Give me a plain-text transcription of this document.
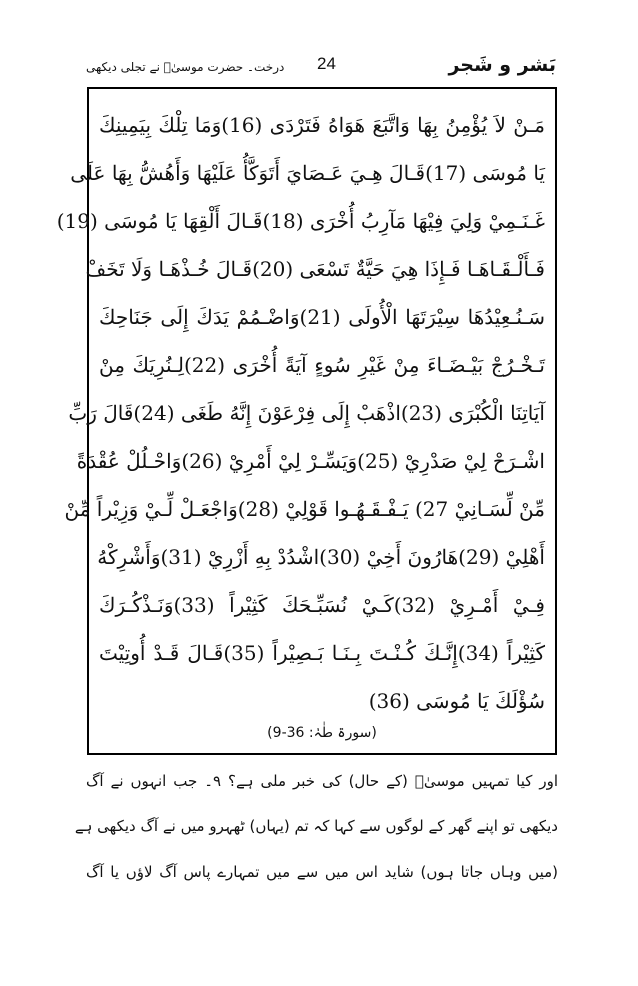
بَشر و شَجر
24
درخت۔ حضرت موسیٰؑ نے تجلی دیکھی
مَـنْ لاَ يُؤْمِنُ بِهَا وَاتَّبَعَ هَوَاهُ فَتَرْدَى (16)وَمَا تِلْكَ بِيَمِينِكَ
يَا مُوسَى (17)قَـالَ هِـيَ عَـصَايَ أَتَوَكَّأُ عَلَيْهَا وَأَهُشُّ بِهَا عَلَى
غَـنَـمِيْ وَلِيَ فِيْهَا مَآرِبُ أُخْرَى (18)قَـالَ أَلْقِهَا يَا مُوسَى (19)
فَـأَلْـقَـاهَـا فَـإِذَا هِيَ حَيَّةٌ تَسْعَى (20)قَـالَ خُـذْهَـا وَلَا تَخَفْ
سَـنُـعِيْدُهَا سِيْرَتَهَا الْأُولَى (21)وَاضْـمُمْ يَدَكَ إِلَى جَنَاحِكَ
تَـخْـرُجْ بَيْـضَـاءَ مِنْ غَيْرِ سُوءٍ آيَةً أُخْرَى (22)لِـنُرِيَكَ مِنْ
آيَاتِنَا الْكُبْرَى (23)اذْهَبْ إِلَى فِرْعَوْنَ إِنَّهُ طَغَى (24)قَالَ رَبِّ
اشْـرَحْ لِيْ صَدْرِيْ (25)وَيَسِّـرْ لِيْ أَمْرِيْ (26)وَاحْـلُلْ عُقْدَةً
مِّنْ لِّسَـانِيْ 27) يَـفْـقَـهُـوا قَوْلِيْ (28)وَاجْعَـلْ لِّـيْ وَزِيْراً مِّنْ
أَهْلِيْ (29)هَارُونَ أَخِيْ (30)اشْدُدْ بِهِ أَزْرِيْ (31)وَأَشْرِكْهُ
فِـيْ أَمْـرِيْ (32)كَـيْ نُسَبِّـحَكَ كَثِيْراً (33)وَنَـذْكُـرَكَ
كَثِيْراً (34)إِنَّـكَ كُـنْـتَ بِـنَـا بَـصِيْراً (35)قَـالَ قَـدْ أُوتِيْتَ
سُؤْلَكَ يَا مُوسَى (36)
(سورۃ طٰہٰ: 36-9)
اور کیا تمہیں موسیٰؑ (کے حال) کی خبر ملی ہے؟ ۹۔ جب انہوں نے آگ
دیکھی تو اپنے گھر کے لوگوں سے کہا کہ تم (یہاں) ٹھہرو میں نے آگ دیکھی ہے
(میں وہاں جاتا ہوں) شاید اس میں سے میں تمہارے پاس آگ لاؤں یا آگ
